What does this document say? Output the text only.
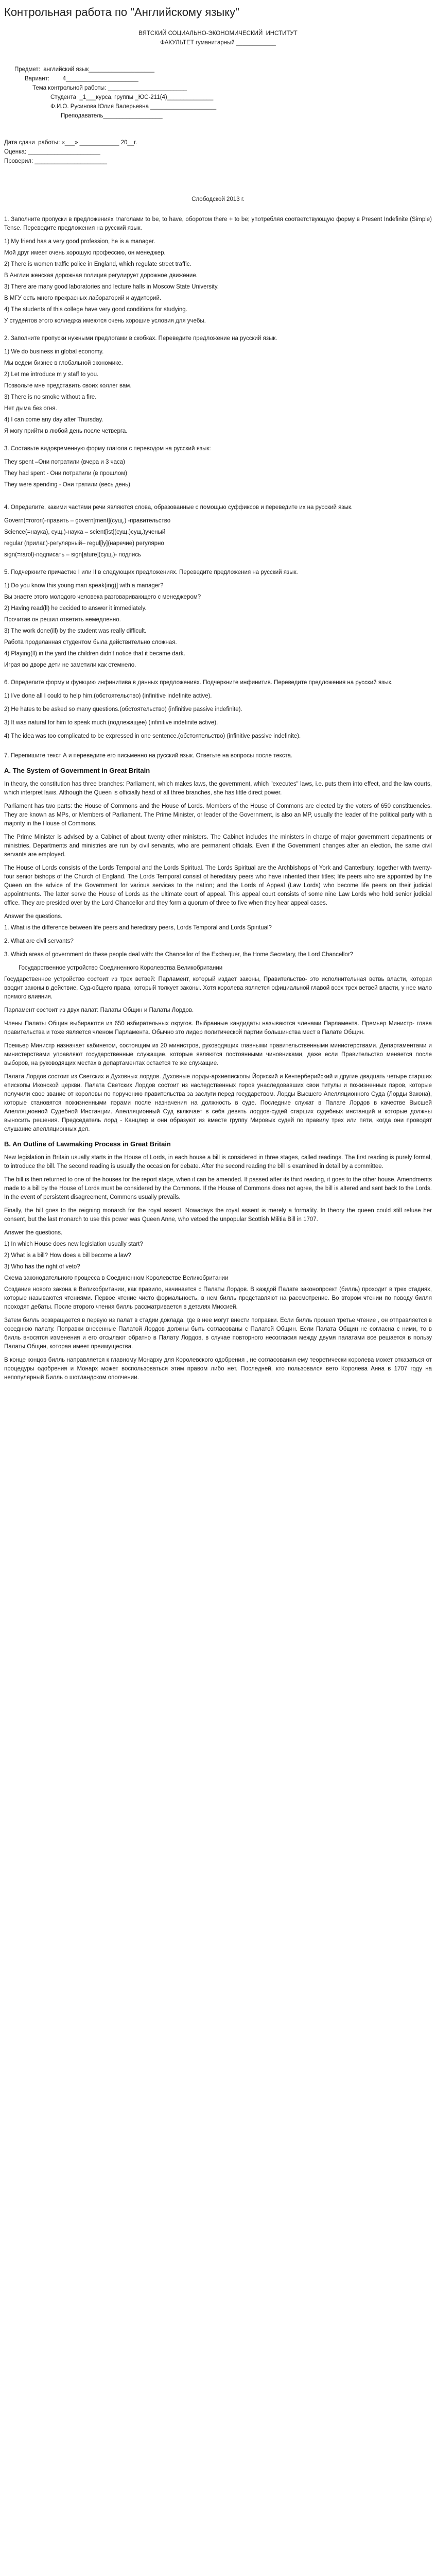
Контрольная работа по "Английскому языку"

ВЯТСКИЙ СОЦИАЛЬНО-ЭКОНОМИЧЕСКИЙ  ИНСТИТУТ

ФАКУЛЬТЕТ гуманитарный ____________

Предмет:  английский язык____________________

Вариант:        4______________________

Тема контрольной работы: ________________________

Студента  _1___курса, группы _ЮС-211(4)______________

Ф.И.О. Русинова Юлия Валерьевна ____________________

Преподаватель__________________

Дата сдачи  работы: «___» ____________ 20__г.

Оценка: ______________________

Проверил: ______________________

Слободской 2013 г.

1. Заполните пропуски в предложениях глаголами to be, to have, оборотом there + to be; употребляя соответствующую форму в Present Indefinite (Simple) Tense. Переведите предложения на русский язык.

1) My friend has a very good profession, he is a manager.

Мой друг имеет очень хорошую профессию, он менеджер.

2) There is women traffic police in England, which regulate street traffic.

В Англии женская дорожная полиция регулирует дорожное движение.

3) There are many good laboratories and lecture halls in Moscow State University.

В МГУ есть много прекрасных лабораторий и аудиторий.

4) The students of this college have very good conditions for studying.

У студентов этого колледжа имеются очень хорошие условия для учебы.

2. Заполните пропуски нужными предлогами в скобках. Переведите предложение на русский язык.

1) We do business in global economy.

Мы ведем бизнес в глобальной экономике.

2) Let me introduce m y staff to you.

Позвольте мне представить своих коллег вам.

3) There is no smoke without a fire.

Нет дыма без огня.

4) I can come any day after Thursday.

Я могу прийти в любой день после четверга.

3. Составьте видовременную форму глагола с переводом на русский язык:

They spent –Они потратили (вчера и 3 часа)

They had spent - Они потратили (в прошлом)

They were spending - Они тратили (весь день)

4. Определите, какими частями речи являются слова, образованные с помощью суффиксов и переведите их на русский язык.

Govern(=rorori)-править – govern[ment](сущ.) -правительство

Science(=наука), сущ.)-наука – scient[ist](сущ.)сущ.)ученый

regular (прилаг.)-регулярный– regul[ly](наречие) регулярно

sign(=rarol)-подписать – sign[ature](сущ.)- подпись

5. Подчеркните причастие I или II в следующих предложениях. Переведите предложения на русский язык.

1) Do you know this young man speak(ing)] with a manager?

Вы знаете этого молодого человека разговаривающего с менеджером?

2) Having read(ll) he decided to answer it immediately.

Прочитав он решил ответить немедленно.

3) The work done(ill) by the student was really difficult.

Работа проделанная студентом была действительно сложная.

4) Playing(ll) in the yard the children didn't notice that it became dark.

Играя во дворе дети не заметили как стемнело.

6. Определите форму и функцию инфинитива в данных предложениях. Подчеркните инфинитив. Переведите предложения на русский язык.

1) I've done all I could to help him.(обстоятельство) (infinitive indefinite active).

2) He hates to be asked so many questions.(обстоятельство) (infinitive passive indefinite).

3) It was natural for him to speak much.(подлежащее) (infinitive indefinite active).

4) The idea was too complicated to be expressed in one sentence.(обстоятельство) (infinitive passive indefinite).

7. Перепишите текст А и переведите его письменно на русский язык. Ответьте на вопросы после текста.

A. The System of Government in Great Britain

In theory, the constitution has three branches: Parliament, which makes laws, the government, which "executes" laws, i.e. puts them into effect, and the law courts, which interpret laws. Although the Queen is officially head of all three branches, she has little direct power.

Parliament has two parts: the House of Commons and the House of Lords. Members of the House of Commons are elected by the voters of 650 constituencies. They are known as MPs, or Members of Parliament. The Prime Minister, or leader of the Government, is also an MP, usually the leader of the political party with a majority in the House of Commons.

The Prime Minister is advised by a Cabinet of about twenty other ministers. The Cabinet includes the ministers in charge of major government departments or ministries. Departments and ministries are run by civil servants, who are permanent officials. Even if the Government changes after an election, the same civil servants are employed.

The House of Lords consists of the Lords Temporal and the Lords Spiritual. The Lords Spiritual are the Archbishops of York and Canterbury, together with twenty-four senior bishops of the Church of England. The Lords Temporal consist of hereditary peers who have inherited their titles; life peers who are appointed by the Queen on the advice of the Government for various services to the nation; and the Lords of Appeal (Law Lords) who become life peers on their judicial appointments. The latter serve the House of Lords as the ultimate court of appeal. This appeal court consists of some nine Law Lords who hold senior judicial office. They are presided over by the Lord Chancellor and they form a quorum of three to five when they hear appeal cases.

Answer the questions.

1. What is the difference between life peers and hereditary peers, Lords Temporal and Lords Spiritual?

2. What are civil servants?

3. Which areas of government do these people deal with: the Chancellor of the Exchequer, the Home Secretary, the Lord Chancellor?

Государственное устройство Соединенного Королевства Великобритании

Государственное устройство состоит из трех ветвей: Парламент, который издает законы, Правительство- это исполнительная ветвь власти, которая вводит законы в действие, Суд-общего права, который толкует законы. Хотя королева является официальной главой всех трех ветвей власти, у нее мало прямого влияния.

Парламент состоит из двух палат: Палаты Общин и Палаты Лордов.

Члены Палаты Общин выбираются из 650 избирательных округов. Выбранные кандидаты называются членами Парламента. Премьер Министр- глава правительства и тоже является членом Парламента. Обычно это лидер политической партии большинства мест в Палате Общин.

Премьер Министр назначает кабинетом, состоящим из 20 министров, руководящих главными правительственными министерствами. Департаментами и министерствами управляют государственные служащие, которые являются постоянными чиновниками, даже если Правительство меняется после выборов, на руководящих местах в департаментах остается те же служащие.

Палата Лордов состоит из Светских и Духовных лордов. Духовные лорды-архиепископы Йоркский и Кентерберийский и другие двадцать четыре старших епископы Иконской церкви. Палата Светских Лордов состоит из наследственных пэров унаследовавших свои титулы и пожизненных пэров, которые получили свое звание от королевы по поручению правительства за заслуги перед государством. Лорды Высшего Апелляционного Суда (Лорды Закона), которые становятся пожизненными пэрами после назначения на должность в суде. Последние служат в Палате Лордов в качестве Высшей Апелляционной Судебной Инстанции. Апелляционный Суд включает в себя девять лордов-судей старших судебных инстанций и которые должны выносить решения. Председатель лорд - Канцлер и они образуют из вместе группу Мировых судей по правилу трех или пяти, когда они проводят слушание апелляционных дел.

B. An Outline of Lawmaking Process in Great Britain

New legislation in Britain usually starts in the House of Lords, in each house a bill is considered in three stages, called readings. The first reading is purely formal, to introduce the bill. The second reading is usually the occasion for debate. After the second reading the bill is examined in detail by a committee.

The bill is then returned to one of the houses for the report stage, when it can be amended. If passed after its third reading, it goes to the other house. Amendments made to a bill by the House of Lords must be considered by the Commons. If the House of Commons does not agree, the bill is altered and sent back to the Lords. In the event of persistent disagreement, Commons usually prevails.

Finally, the bill goes to the reigning monarch for the royal assent. Nowadays the royal assent is merely a formality. In theory the queen could still refuse her consent, but the last monarch to use this power was Queen Anne, who vetoed the unpopular Scottish Militia Bill in 1707.

Answer the questions.

1) In which House does new legislation usually start?

2) What is a bill? How does a bill become a law?

3) Who has the right of veto?

Схема законодательного процесса в Соединенном Королевстве Великобритании

Создание нового закона в Великобритании, как правило, начинается с Палаты Лордов. В каждой Палате законопроект (билль) проходит в трех стадиях, которые называются чтениями. Первое чтение чисто формальность, в нем билль представляют на рассмотрение. Во втором чтении по поводу билля проходят дебаты. После второго чтения билль рассматривается в деталях Миссией.

Затем билль возвращается в первую из палат в стадии доклада, где в нее могут внести поправки. Если билль прошел третье чтение , он отправляется в соседнюю палату. Поправки внесенные Палатой Лордов должны быть согласованы с Палатой Общин. Если Палата Общин не согласна с ними, то в билль вносятся изменения и его отсылают обратно в Палату Лордов, в случае повторного несогласия между двумя палатами все решается в пользу Палаты Общин, которая имеет преимущества.

В конце концов билль направляется к главному Монарху для Королевского одобрения , не согласования ему теоретически королева может отказаться от процедуры одобрения и Монарх может воспользоваться этим правом либо нет. Последней, кто пользовался вето Королева Анна в 1707 году на непопулярный Билль о шотландском ополчении.
